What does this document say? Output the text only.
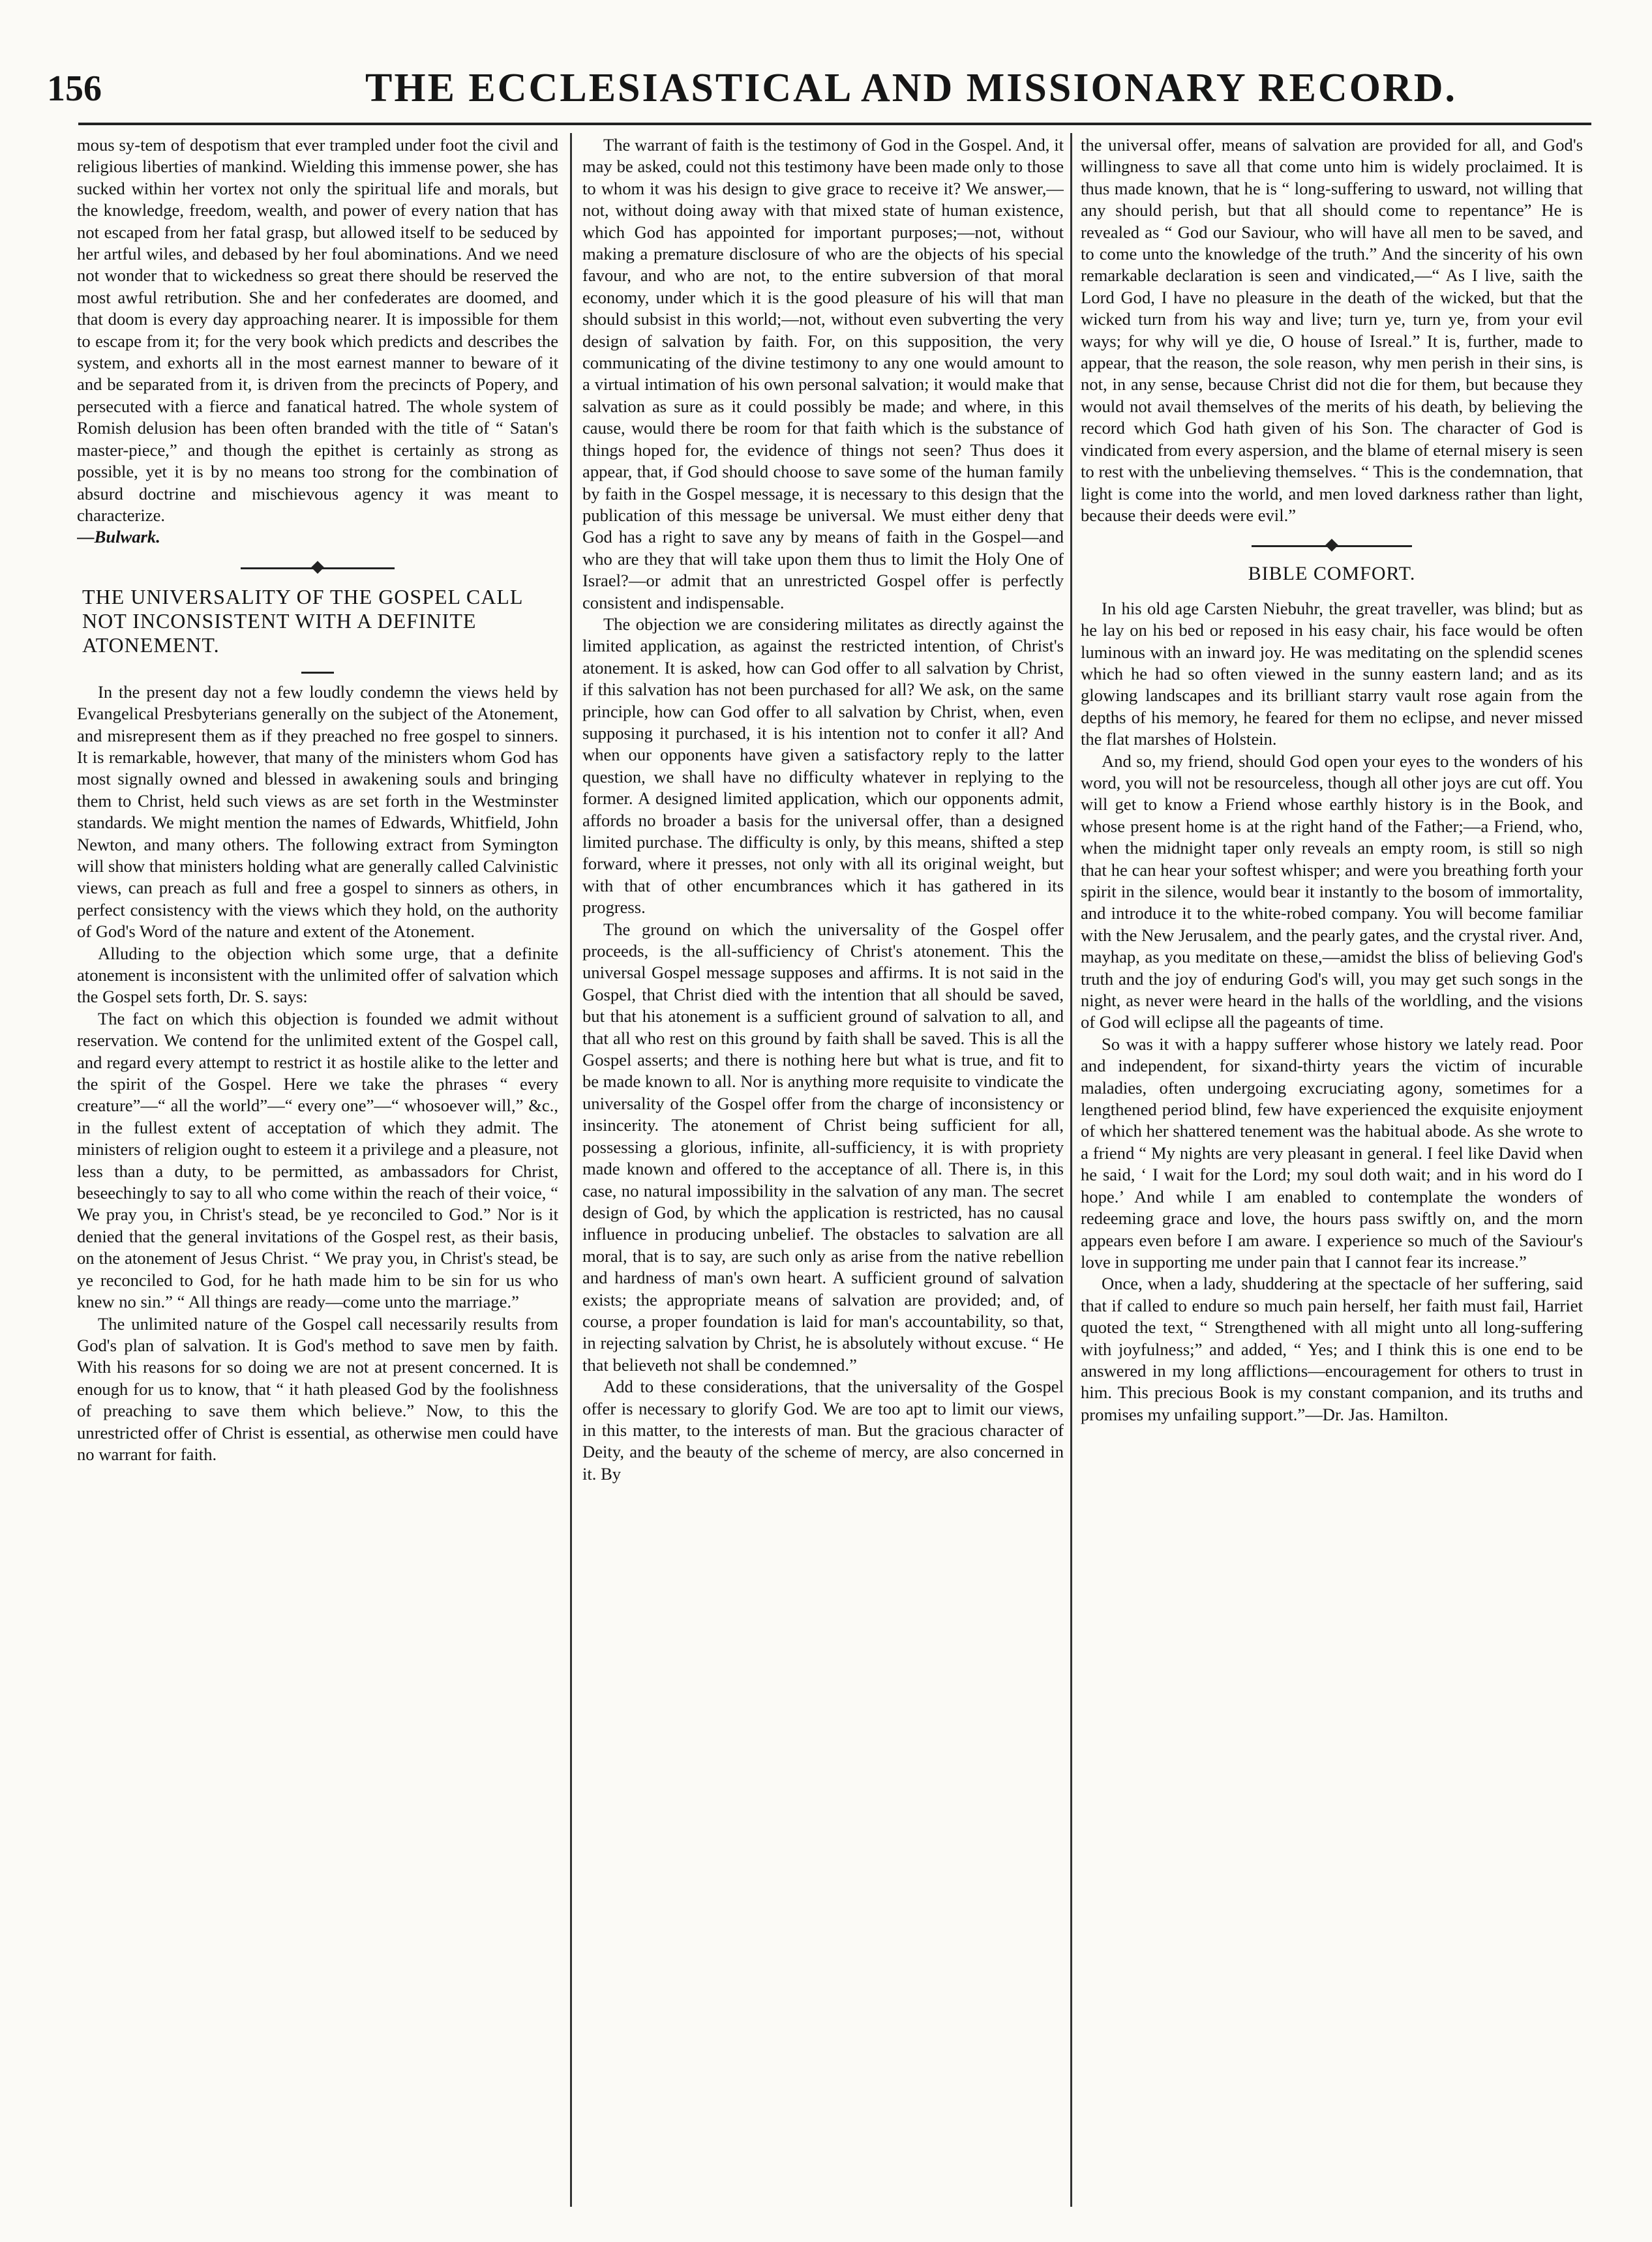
156	THE ECCLESIASTICAL AND MISSIONARY RECORD.

mous sy-tem of despotism that ever trampled under foot the civil and religious liberties of mankind. Wielding this immense power, she has sucked within her vortex not only the spiritual life and morals, but the knowledge, freedom, wealth, and power of every nation that has not escaped from her fatal grasp, but allowed itself to be seduced by her artful wiles, and debased by her foul abominations. And we need not wonder that to wickedness so great there should be reserved the most awful retribution. She and her confederates are doomed, and that doom is every day approaching nearer. It is impossible for them to escape from it; for the very book which predicts and describes the system, and exhorts all in the most earnest manner to beware of it and be separated from it, is driven from the precincts of Popery, and persecuted with a fierce and fanatical hatred. The whole system of Romish delusion has been often branded with the title of “ Satan's master-piece,” and though the epithet is certainly as strong as possible, yet it is by no means too strong for the combination of absurd doctrine and mischievous agency it was meant to characterize.

—Bulwark.

THE UNIVERSALITY OF THE GOSPEL CALL NOT INCONSISTENT WITH A DEFINITE ATONEMENT.

In the present day not a few loudly condemn the views held by Evangelical Presbyterians generally on the subject of the Atonement, and misrepresent them as if they preached no free gospel to sinners. It is remarkable, however, that many of the ministers whom God has most signally owned and blessed in awakening souls and bringing them to Christ, held such views as are set forth in the Westminster standards. We might mention the names of Edwards, Whitfield, John Newton, and many others. The following extract from Symington will show that ministers holding what are generally called Calvinistic views, can preach as full and free a gospel to sinners as others, in perfect consistency with the views which they hold, on the authority of God's Word of the nature and extent of the Atonement.

Alluding to the objection which some urge, that a definite atonement is inconsistent with the unlimited offer of salvation which the Gospel sets forth, Dr. S. says:

The fact on which this objection is founded we admit without reservation. We contend for the unlimited extent of the Gospel call, and regard every attempt to restrict it as hostile alike to the letter and the spirit of the Gospel. Here we take the phrases “ every creature”—“ all the world”—“ every one”—“ whosoever will,” &c., in the fullest extent of acceptation of which they admit. The ministers of religion ought to esteem it a privilege and a pleasure, not less than a duty, to be permitted, as ambassadors for Christ, beseechingly to say to all who come within the reach of their voice, “ We pray you, in Christ's stead, be ye reconciled to God.” Nor is it denied that the general invitations of the Gospel rest, as their basis, on the atonement of Jesus Christ. “ We pray you, in Christ's stead, be ye reconciled to God, for he hath made him to be sin for us who knew no sin.” “ All things are ready—come unto the marriage.”

The unlimited nature of the Gospel call necessarily results from God's plan of salvation. It is God's method to save men by faith. With his reasons for so doing we are not at present concerned. It is enough for us to know, that “ it hath pleased God by the foolishness of preaching to save them which believe.” Now, to this the unrestricted offer of Christ is essential, as otherwise men could have no warrant for faith.

The warrant of faith is the testimony of God in the Gospel. And, it may be asked, could not this testimony have been made only to those to whom it was his design to give grace to receive it? We answer,—not, without doing away with that mixed state of human existence, which God has appointed for important purposes;—not, without making a premature disclosure of who are the objects of his special favour, and who are not, to the entire subversion of that moral economy, under which it is the good pleasure of his will that man should subsist in this world;—not, without even subverting the very design of salvation by faith. For, on this supposition, the very communicating of the divine testimony to any one would amount to a virtual intimation of his own personal salvation; it would make that salvation as sure as it could possibly be made; and where, in this cause, would there be room for that faith which is the substance of things hoped for, the evidence of things not seen? Thus does it appear, that, if God should choose to save some of the human family by faith in the Gospel message, it is necessary to this design that the publication of this message be universal. We must either deny that God has a right to save any by means of faith in the Gospel—and who are they that will take upon them thus to limit the Holy One of Israel?—or admit that an unrestricted Gospel offer is perfectly consistent and indispensable.

The objection we are considering militates as directly against the limited application, as against the restricted intention, of Christ's atonement. It is asked, how can God offer to all salvation by Christ, if this salvation has not been purchased for all? We ask, on the same principle, how can God offer to all salvation by Christ, when, even supposing it purchased, it is his intention not to confer it all? And when our opponents have given a satisfactory reply to the latter question, we shall have no difficulty whatever in replying to the former. A designed limited application, which our opponents admit, affords no broader a basis for the universal offer, than a designed limited purchase. The difficulty is only, by this means, shifted a step forward, where it presses, not only with all its original weight, but with that of other encumbrances which it has gathered in its progress.

The ground on which the universality of the Gospel offer proceeds, is the all-sufficiency of Christ's atonement. This the universal Gospel message supposes and affirms. It is not said in the Gospel, that Christ died with the intention that all should be saved, but that his atonement is a sufficient ground of salvation to all, and that all who rest on this ground by faith shall be saved. This is all the Gospel asserts; and there is nothing here but what is true, and fit to be made known to all. Nor is anything more requisite to vindicate the universality of the Gospel offer from the charge of inconsistency or insincerity. The atonement of Christ being sufficient for all, possessing a glorious, infinite, all-sufficiency, it is with propriety made known and offered to the acceptance of all. There is, in this case, no natural impossibility in the salvation of any man. The secret design of God, by which the application is restricted, has no causal influence in producing unbelief. The obstacles to salvation are all moral, that is to say, are such only as arise from the native rebellion and hardness of man's own heart. A sufficient ground of salvation exists; the appropriate means of salvation are provided; and, of course, a proper foundation is laid for man's accountability, so that, in rejecting salvation by Christ, he is absolutely without excuse. “ He that believeth not shall be condemned.”

Add to these considerations, that the universality of the Gospel offer is necessary to glorify God. We are too apt to limit our views, in this matter, to the interests of man. But the gracious character of Deity, and the beauty of the scheme of mercy, are also concerned in it. By

the universal offer, means of salvation are provided for all, and God's willingness to save all that come unto him is widely proclaimed. It is thus made known, that he is “ long-suffering to usward, not willing that any should perish, but that all should come to repentance” He is revealed as “ God our Saviour, who will have all men to be saved, and to come unto the knowledge of the truth.” And the sincerity of his own remarkable declaration is seen and vindicated,—“ As I live, saith the Lord God, I have no pleasure in the death of the wicked, but that the wicked turn from his way and live; turn ye, turn ye, from your evil ways; for why will ye die, O house of Isreal.” It is, further, made to appear, that the reason, the sole reason, why men perish in their sins, is not, in any sense, because Christ did not die for them, but because they would not avail themselves of the merits of his death, by believing the record which God hath given of his Son. The character of God is vindicated from every aspersion, and the blame of eternal misery is seen to rest with the unbelieving themselves. “ This is the condemnation, that light is come into the world, and men loved darkness rather than light, because their deeds were evil.”

BIBLE COMFORT.

In his old age Carsten Niebuhr, the great traveller, was blind; but as he lay on his bed or reposed in his easy chair, his face would be often luminous with an inward joy. He was meditating on the splendid scenes which he had so often viewed in the sunny eastern land; and as its glowing landscapes and its brilliant starry vault rose again from the depths of his memory, he feared for them no eclipse, and never missed the flat marshes of Holstein.

And so, my friend, should God open your eyes to the wonders of his word, you will not be resourceless, though all other joys are cut off. You will get to know a Friend whose earthly history is in the Book, and whose present home is at the right hand of the Father;—a Friend, who, when the midnight taper only reveals an empty room, is still so nigh that he can hear your softest whisper; and were you breathing forth your spirit in the silence, would bear it instantly to the bosom of immortality, and introduce it to the white-robed company. You will become familiar with the New Jerusalem, and the pearly gates, and the crystal river. And, mayhap, as you meditate on these,—amidst the bliss of believing God's truth and the joy of enduring God's will, you may get such songs in the night, as never were heard in the halls of the worldling, and the visions of God will eclipse all the pageants of time.

So was it with a happy sufferer whose history we lately read. Poor and independent, for sixand-thirty years the victim of incurable maladies, often undergoing excruciating agony, sometimes for a lengthened period blind, few have experienced the exquisite enjoyment of which her shattered tenement was the habitual abode. As she wrote to a friend “ My nights are very pleasant in general. I feel like David when he said, ‘ I wait for the Lord; my soul doth wait; and in his word do I hope.’ And while I am enabled to contemplate the wonders of redeeming grace and love, the hours pass swiftly on, and the morn appears even before I am aware. I experience so much of the Saviour's love in supporting me under pain that I cannot fear its increase.”

Once, when a lady, shuddering at the spectacle of her suffering, said that if called to endure so much pain herself, her faith must fail, Harriet quoted the text, “ Strengthened with all might unto all long-suffering with joyfulness;” and added, “ Yes; and I think this is one end to be answered in my long afflictions—encouragement for others to trust in him. This precious Book is my constant companion, and its truths and promises my unfailing support.”—Dr. Jas. Hamilton.
